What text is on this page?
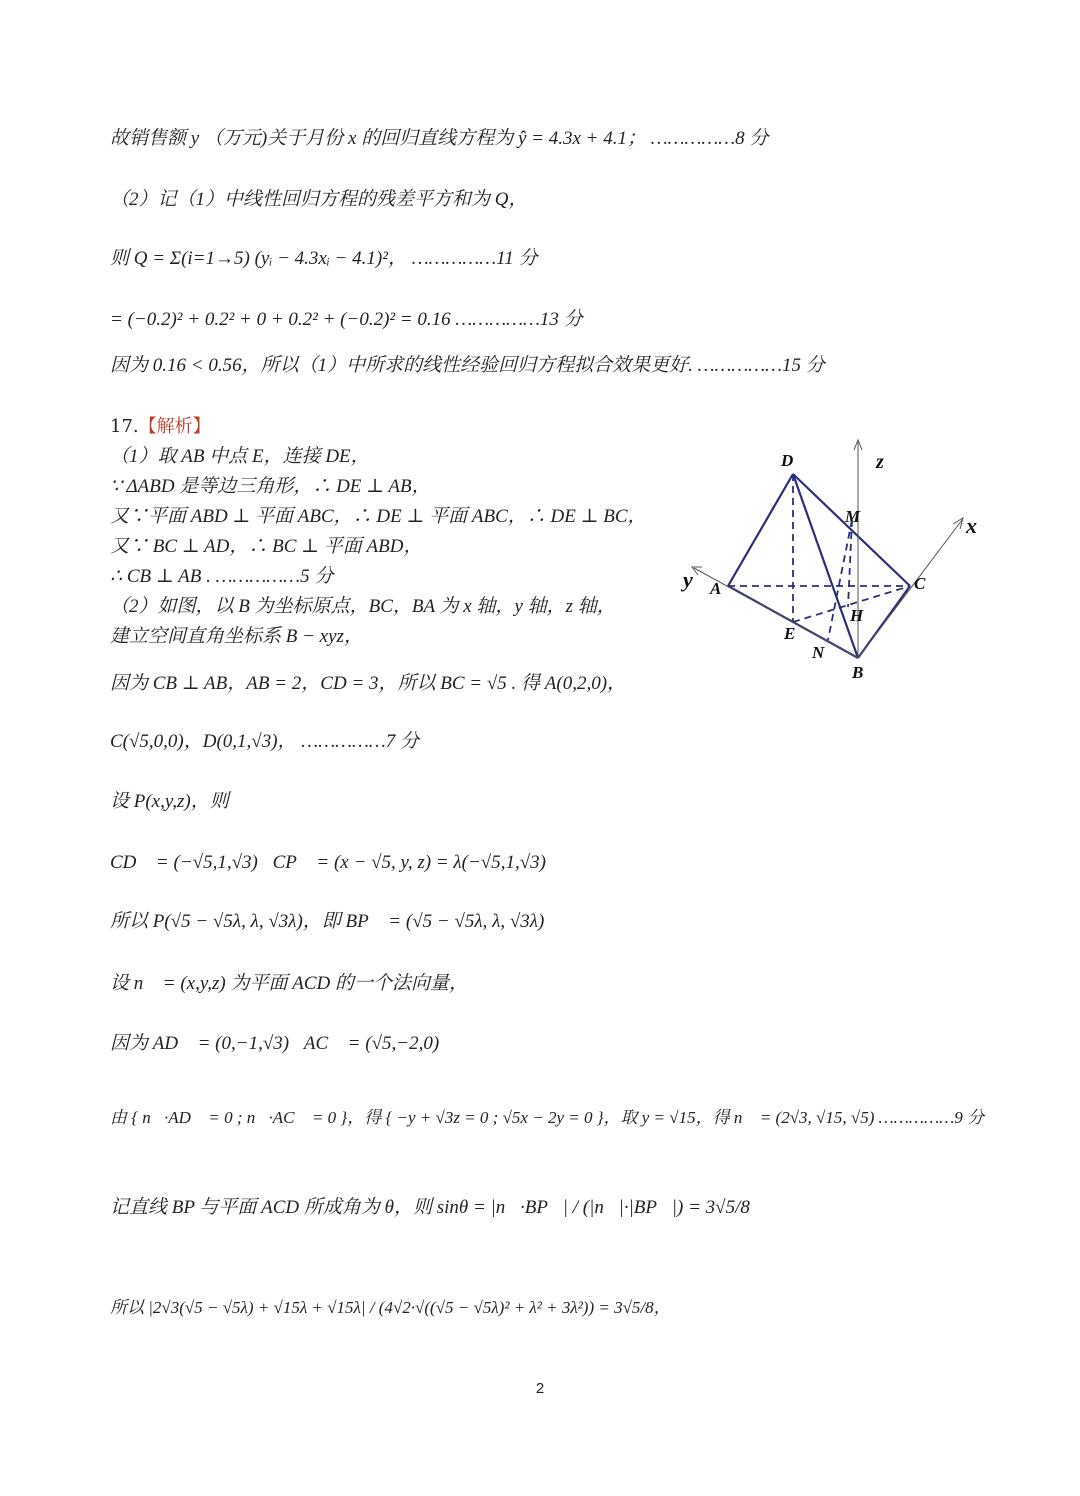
故销售额 y （万元)关于月份 x 的回归直线方程为 ŷ = 4.3x + 4.1； ……………8 分
（2）记（1）中线性回归方程的残差平方和为 Q，
则 Q = Σ(i=1→5) (yᵢ − 4.3xᵢ − 4.1)²， ……………11 分
= (−0.2)² + 0.2² + 0 + 0.2² + (−0.2)² = 0.16 ……………13 分
因为 0.16 < 0.56，所以（1）中所求的线性经验回归方程拟合效果更好. ……………15 分
17.【解析】
（1）取 AB 中点 E，连接 DE，
∵ ΔABD 是等边三角形，∴ DE ⊥ AB，
又∵平面 ABD ⊥ 平面 ABC，∴ DE ⊥ 平面 ABC，∴ DE ⊥ BC，
又∵ BC ⊥ AD，∴ BC ⊥ 平面 ABD，
∴ CB ⊥ AB . ……………5 分
（2）如图，以 B 为坐标原点，BC，BA 为 x 轴，y 轴，z 轴，
建立空间直角坐标系 B − xyz，
因为 CB ⊥ AB，AB = 2，CD = 3，所以 BC = √5 . 得 A(0,2,0)，
C(√5,0,0)，D(0,1,√3)， ……………7 分
设 P(x,y,z)，则
CD⃗ = (−√5,1,√3)，CP⃗ = (x − √5, y, z) = λ(−√5,1,√3)
所以 P(√5 − √5λ, λ, √3λ)，即 BP⃗ = (√5 − √5λ, λ, √3λ)
设 n⃗ = (x,y,z) 为平面 ACD 的一个法向量，
因为 AD⃗ = (0,−1,√3)，AC⃗ = (√5,−2,0)
由 { n⃗·AD⃗ = 0 ; n⃗·AC⃗ = 0 }，得 { −y + √3z = 0 ; √5x − 2y = 0 }，取 y = √15，得 n⃗ = (2√3, √15, √5) ……………9 分
记直线 BP 与平面 ACD 所成角为 θ，则 sinθ = |n⃗·BP⃗| / (|n⃗|·|BP⃗|) = 3√5/8
所以 |2√3(√5 − √5λ) + √15λ + √15λ| / (4√2·√((√5 − √5λ)² + λ² + 3λ²)) = 3√5/8，
D	z
M	x
y A	C
H
E
N
B
2
